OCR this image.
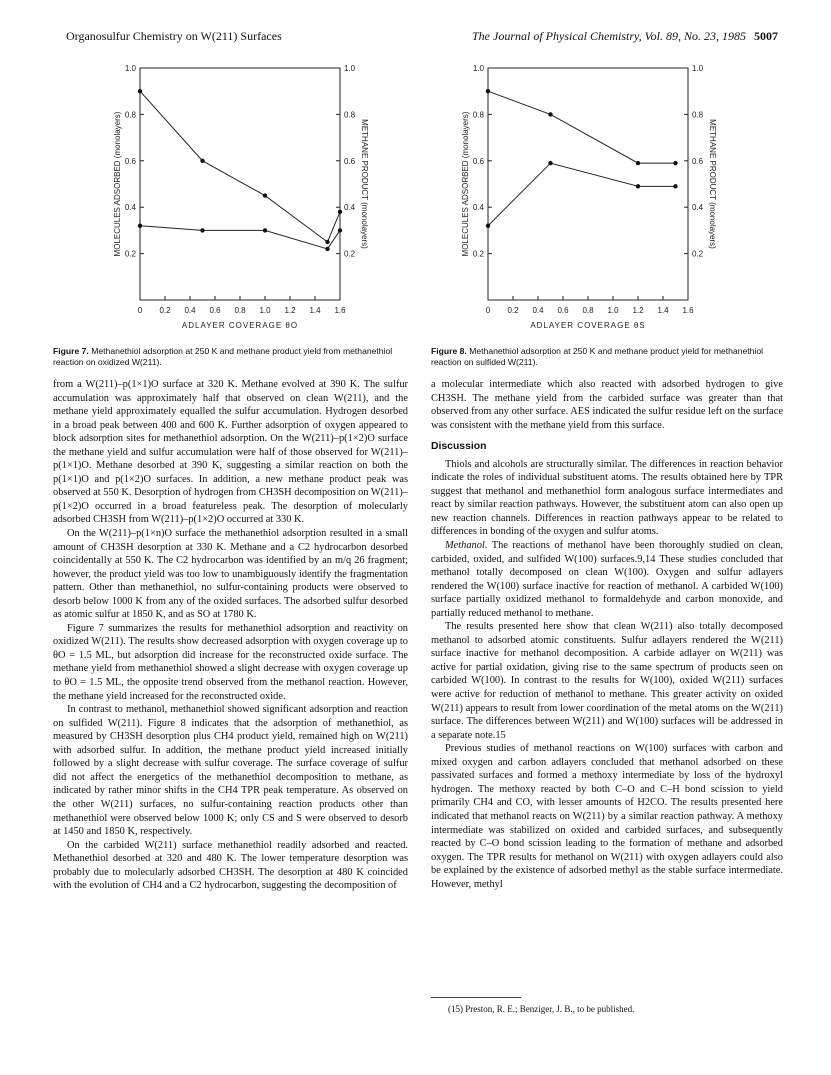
Organosulfur Chemistry on W(211) Surfaces	The Journal of Physical Chemistry, Vol. 89, No. 23, 1985 5007
0 0.2 0.4 0.6 0.8 1.0 1.2 1.4 1.6
0.2	0.2
0.4	0.4
0.6	0.6
0.8	0.8
1.0	1.0
ADLAYER COVERAGE θO
MOLECULES ADSORBED (monolayers)	METHANE PRODUCT (monolayers)
0 0.2 0.4 0.6 0.8 1.0 1.2 1.4 1.6
0.2	0.2
0.4	0.4
0.6	0.6
0.8	0.8
1.0	1.0
ADLAYER COVERAGE θS
MOLECULES ADSORBED (monolayers)	METHANE PRODUCT (monolayers)
Figure 7. Methanethiol adsorption at 250 K and methane product yield from methanethiol reaction on oxidized W(211).
Figure 8. Methanethiol adsorption at 250 K and methane product yield for methanethiol reaction on sulfided W(211).

from a W(211)–p(1×1)O surface at 320 K. Methane evolved at 390 K. The sulfur accumulation was approximately half that observed on clean W(211), and the methane yield approximately equalled the sulfur accumulation. Hydrogen desorbed in a broad peak between 400 and 600 K. Further adsorption of oxygen appeared to block adsorption sites for methanethiol adsorption. On the W(211)–p(1×2)O surface the methane yield and sulfur accumulation were half of those observed for W(211)–p(1×1)O. Methane desorbed at 390 K, suggesting a similar reaction on both the p(1×1)O and p(1×2)O surfaces. In addition, a new methane product peak was observed at 550 K. Desorption of hydrogen from CH3SH decomposition on W(211)–p(1×2)O occurred in a broad featureless peak. The desorption of molecularly adsorbed CH3SH from W(211)–p(1×2)O occurred at 330 K.

On the W(211)–p(1×n)O surface the methanethiol adsorption resulted in a small amount of CH3SH desorption at 330 K. Methane and a C2 hydrocarbon desorbed coincidentally at 550 K. The C2 hydrocarbon was identified by an m/q 26 fragment; however, the product yield was too low to unambiguously identify the fragmentation pattern. Other than methanethiol, no sulfur-containing products were observed to desorb below 1000 K from any of the oxided surfaces. The adsorbed sulfur desorbed as atomic sulfur at 1850 K, and as SO at 1780 K.

Figure 7 summarizes the results for methanethiol adsorption and reactivity on oxidized W(211). The results show decreased adsorption with oxygen coverage up to θO = 1.5 ML, but adsorption did increase for the reconstructed oxide surface. The methane yield from methanethiol showed a slight decrease with oxygen coverage up to θO = 1.5 ML, the opposite trend observed from the methanol reaction. However, the methane yield increased for the reconstructed oxide.

In contrast to methanol, methanethiol showed significant adsorption and reaction on sulfided W(211). Figure 8 indicates that the adsorption of methanethiol, as measured by CH3SH desorption plus CH4 product yield, remained high on W(211) with adsorbed sulfur. In addition, the methane product yield increased initially followed by a slight decrease with sulfur coverage. The surface coverage of sulfur did not affect the energetics of the methanethiol decomposition to methane, as indicated by rather minor shifts in the CH4 TPR peak temperature. As observed on the other W(211) surfaces, no sulfur-containing reaction products other than methanethiol were observed below 1000 K; only CS and S were observed to desorb at 1450 and 1850 K, respectively.

On the carbided W(211) surface methanethiol readily adsorbed and reacted. Methanethiol desorbed at 320 and 480 K. The lower temperature desorption was probably due to molecularly adsorbed CH3SH. The desorption at 480 K coincided with the evolution of CH4 and a C2 hydrocarbon, suggesting the decomposition of

a molecular intermediate which also reacted with adsorbed hydrogen to give CH3SH. The methane yield from the carbided surface was greater than that observed from any other surface. AES indicated the sulfur residue left on the surface was consistent with the methane yield from this surface.

Discussion

Thiols and alcohols are structurally similar. The differences in reaction behavior indicate the roles of individual substituent atoms. The results obtained here by TPR suggest that methanol and methanethiol form analogous surface intermediates and react by similar reaction pathways. However, the substituent atom can also open up new reaction channels. Differences in reaction pathways appear to be related to differences in bonding of the oxygen and sulfur atoms.

Methanol. The reactions of methanol have been thoroughly studied on clean, carbided, oxided, and sulfided W(100) surfaces.9,14 These studies concluded that methanol totally decomposed on clean W(100). Oxygen and sulfur adlayers rendered the W(100) surface inactive for reaction of methanol. A carbided W(100) surface partially oxidized methanol to formaldehyde and carbon monoxide, and partially reduced methanol to methane.

The results presented here show that clean W(211) also totally decomposed methanol to adsorbed atomic constituents. Sulfur adlayers rendered the W(211) surface inactive for methanol decomposition. A carbide adlayer on W(211) was active for partial oxidation, giving rise to the same spectrum of products seen on carbided W(100). In contrast to the results for W(100), oxided W(211) surfaces were active for reduction of methanol to methane. This greater activity on oxided W(211) appears to result from lower coordination of the metal atoms on the W(211) surface. The differences between W(211) and W(100) surfaces will be addressed in a separate note.15

Previous studies of methanol reactions on W(100) surfaces with carbon and mixed oxygen and carbon adlayers concluded that methanol adsorbed on these passivated surfaces and formed a methoxy intermediate by loss of the hydroxyl hydrogen. The methoxy reacted by both C–O and C–H bond scission to yield primarily CH4 and CO, with lesser amounts of H2CO. The results presented here indicated that methanol reacts on W(211) by a similar reaction pathway. A methoxy intermediate was stabilized on oxided and carbided surfaces, and subsequently reacted by C–O bond scission leading to the formation of methane and adsorbed oxygen. The TPR results for methanol on W(211) with oxygen adlayers could also be explained by the existence of adsorbed methyl as the stable surface intermediate. However, methyl

(15) Preston, R. E.; Benziger, J. B., to be published.
